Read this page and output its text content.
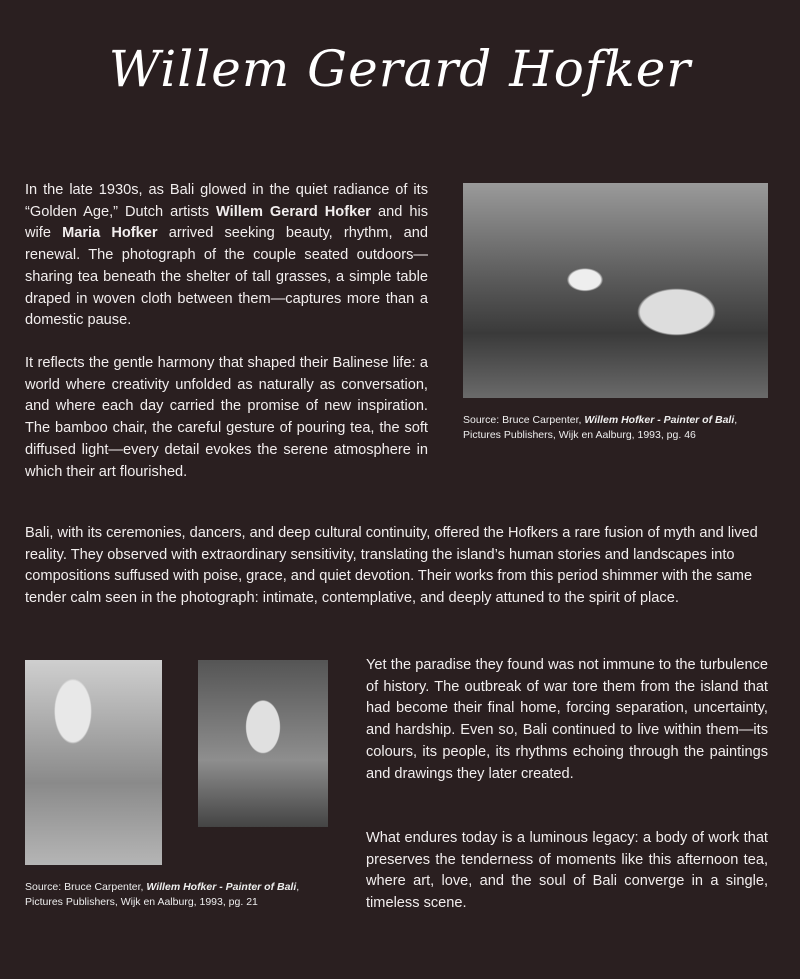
Willem Gerard Hofker

In the late 1930s, as Bali glowed in the quiet radiance of its “Golden Age,” Dutch artists Willem Gerard Hofker and his wife Maria Hofker arrived seeking beauty, rhythm, and renewal. The photograph of the couple seated outdoors—sharing tea beneath the shelter of tall grasses, a simple table draped in woven cloth between them—captures more than a domestic pause.

It reflects the gentle harmony that shaped their Balinese life: a world where creativity unfolded as naturally as conversation, and where each day carried the promise of new inspiration. The bamboo chair, the careful gesture of pouring tea, the soft diffused light—every detail evokes the serene atmosphere in which their art flourished.

Source: Bruce Carpenter, Willem Hofker - Painter of Bali,
Pictures Publishers, Wijk en Aalburg, 1993, pg. 46

Bali, with its ceremonies, dancers, and deep cultural continuity, offered the Hofkers a rare fusion of myth and lived reality. They observed with extraordinary sensitivity, translating the island’s human stories and landscapes into compositions suffused with poise, grace, and quiet devotion. Their works from this period shimmer with the same tender calm seen in the photograph: intimate, contemplative, and deeply attuned to the spirit of place.

Source: Bruce Carpenter, Willem Hofker - Painter of Bali,
Pictures Publishers, Wijk en Aalburg, 1993, pg. 21

Yet the paradise they found was not immune to the turbulence of history. The outbreak of war tore them from the island that had become their final home, forcing separation, uncertainty, and hardship. Even so, Bali continued to live within them—its colours, its people, its rhythms echoing through the paintings and drawings they later created.

What endures today is a luminous legacy: a body of work that preserves the tenderness of moments like this afternoon tea, where art, love, and the soul of Bali converge in a single, timeless scene.
